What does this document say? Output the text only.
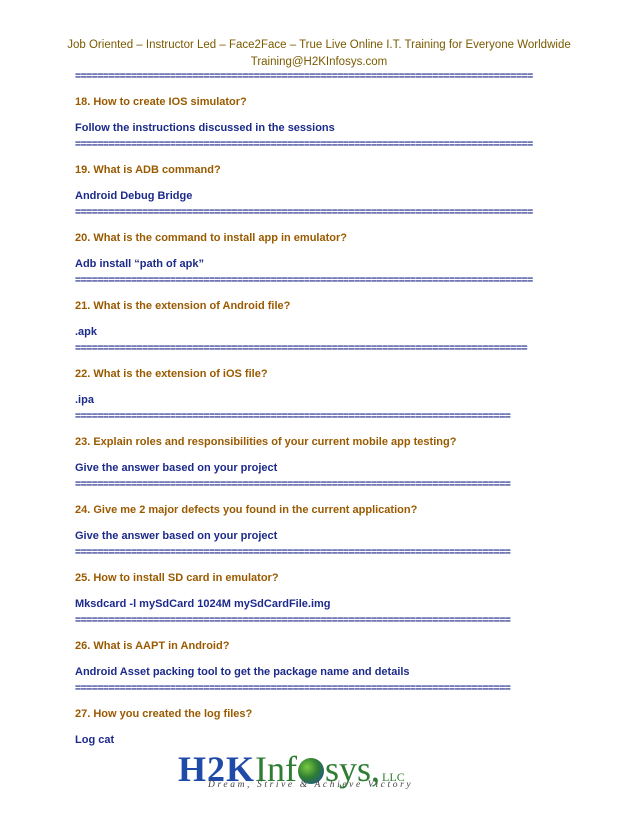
Job Oriented – Instructor Led – Face2Face – True Live Online I.T. Training for Everyone Worldwide
Training@H2KInfosys.com
==================================================================================
18. How to create IOS simulator?
Follow the instructions discussed in the sessions
==================================================================================
19. What is ADB command?
Android Debug Bridge
==================================================================================
20. What is the command to install app in emulator?
Adb install “path of apk”
==================================================================================
21. What is the extension of Android file?
.apk
=================================================================================
22. What is the extension of iOS file?
.ipa
==============================================================================
23. Explain roles and responsibilities of your current mobile app testing?
Give the answer based on your project
==============================================================================
24. Give me 2 major defects you found in the current application?
Give the answer based on your project
==============================================================================
25. How to install SD card in emulator?
Mksdcard -l mySdCard 1024M mySdCardFile.img
==============================================================================
26. What is AAPT in Android?
Android Asset packing tool to get the package name and details
==============================================================================
27. How you created the log files?
Log cat
H2KInf sys, LLC
Dream, Strive & Achieve Victory
